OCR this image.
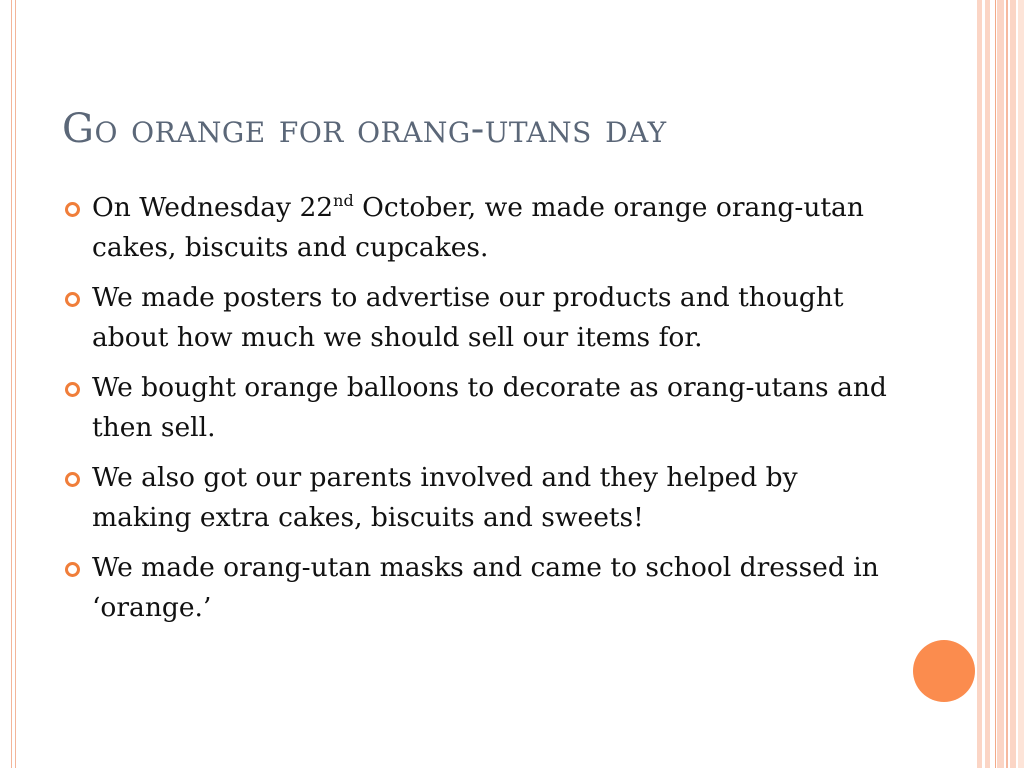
Go orange for orang-utans day
On Wednesday 22nd October, we made orange orang-utan cakes, biscuits and cupcakes.
We made posters to advertise our products and thought about how much we should sell our items for.
We bought orange balloons to decorate as orang-utans and then sell.
We also got our parents involved and they helped by making extra cakes, biscuits and sweets!
We made orang-utan masks and came to school dressed in ‘orange.’
